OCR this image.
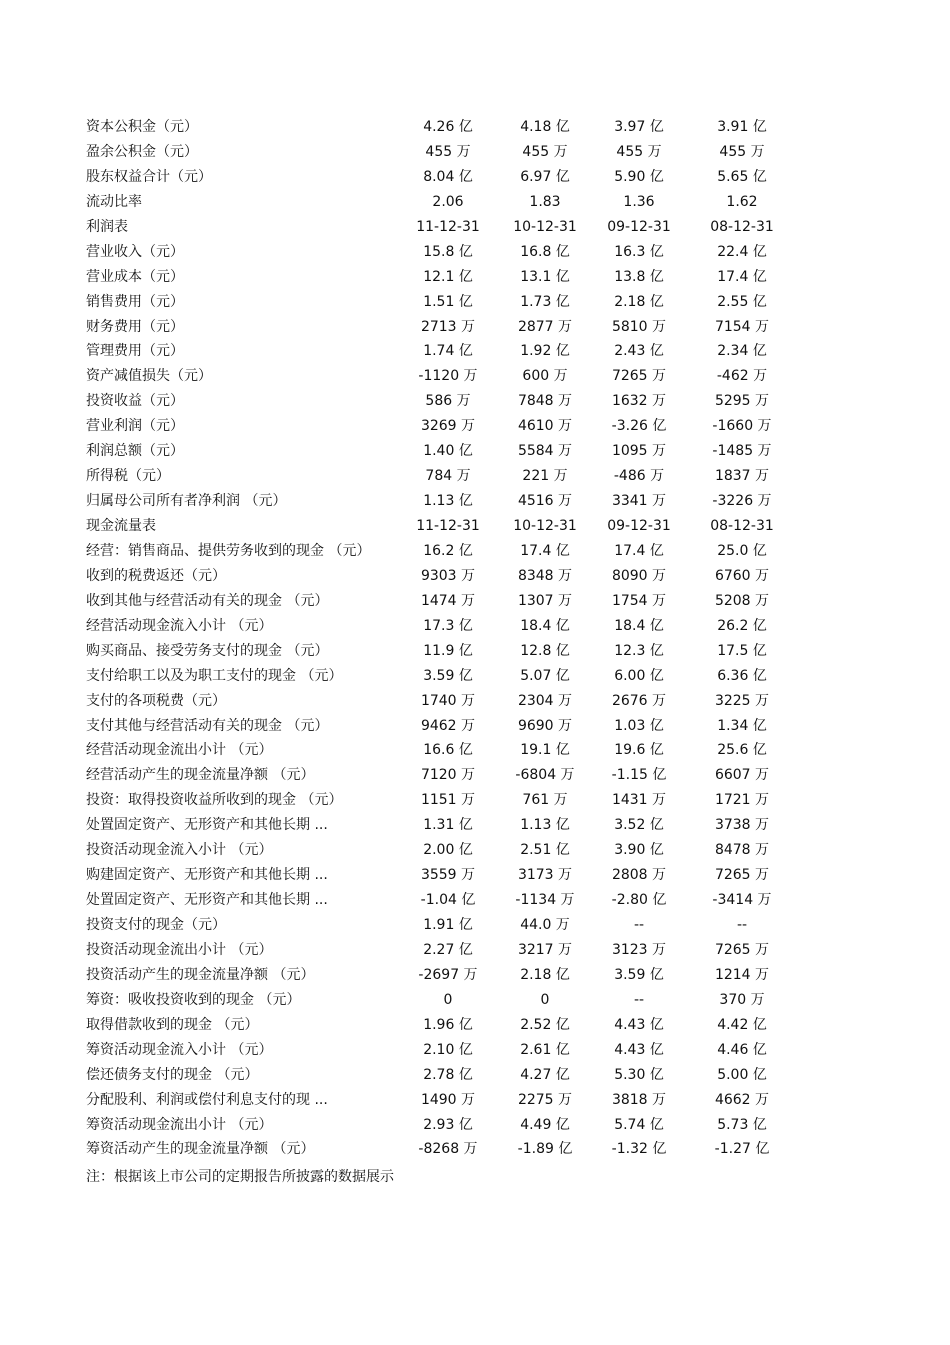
资本公积金（元）	4.26 亿	4.18 亿	3.97 亿	3.91 亿
盈余公积金（元）	455 万	455 万	455 万	455 万
股东权益合计（元）	8.04 亿	6.97 亿	5.90 亿	5.65 亿
流动比率	2.06	1.83	1.36	1.62
利润表	11-12-31	10-12-31	09-12-31	08-12-31
营业收入（元）	15.8 亿	16.8 亿	16.3 亿	22.4 亿
营业成本（元）	12.1 亿	13.1 亿	13.8 亿	17.4 亿
销售费用（元）	1.51 亿	1.73 亿	2.18 亿	2.55 亿
财务费用（元）	2713 万	2877 万	5810 万	7154 万
管理费用（元）	1.74 亿	1.92 亿	2.43 亿	2.34 亿
资产减值损失（元）	-1120 万	600 万	7265 万	-462 万
投资收益（元）	586 万	7848 万	1632 万	5295 万
营业利润（元）	3269 万	4610 万	-3.26 亿	-1660 万
利润总额（元）	1.40 亿	5584 万	1095 万	-1485 万
所得税（元）	784 万	221 万	-486 万	1837 万
归属母公司所有者净利润 （元）	1.13 亿	4516 万	3341 万	-3226 万
现金流量表	11-12-31	10-12-31	09-12-31	08-12-31
经营：销售商品、提供劳务收到的现金 （元）	16.2 亿	17.4 亿	17.4 亿	25.0 亿
收到的税费返还（元）	9303 万	8348 万	8090 万	6760 万
收到其他与经营活动有关的现金 （元）	1474 万	1307 万	1754 万	5208 万
经营活动现金流入小计 （元）	17.3 亿	18.4 亿	18.4 亿	26.2 亿
购买商品、接受劳务支付的现金 （元）	11.9 亿	12.8 亿	12.3 亿	17.5 亿
支付给职工以及为职工支付的现金 （元）	3.59 亿	5.07 亿	6.00 亿	6.36 亿
支付的各项税费（元）	1740 万	2304 万	2676 万	3225 万
支付其他与经营活动有关的现金 （元）	9462 万	9690 万	1.03 亿	1.34 亿
经营活动现金流出小计 （元）	16.6 亿	19.1 亿	19.6 亿	25.6 亿
经营活动产生的现金流量净额 （元）	7120 万	-6804 万	-1.15 亿	6607 万
投资：取得投资收益所收到的现金 （元）	1151 万	761 万	1431 万	1721 万
处置固定资产、无形资产和其他长期 ...	1.31 亿	1.13 亿	3.52 亿	3738 万
投资活动现金流入小计 （元）	2.00 亿	2.51 亿	3.90 亿	8478 万
购建固定资产、无形资产和其他长期 ...	3559 万	3173 万	2808 万	7265 万
处置固定资产、无形资产和其他长期 ...	-1.04 亿	-1134 万	-2.80 亿	-3414 万
投资支付的现金（元）	1.91 亿	44.0 万	--	--
投资活动现金流出小计 （元）	2.27 亿	3217 万	3123 万	7265 万
投资活动产生的现金流量净额 （元）	-2697 万	2.18 亿	3.59 亿	1214 万
筹资：吸收投资收到的现金 （元）	0	0	--	370 万
取得借款收到的现金 （元）	1.96 亿	2.52 亿	4.43 亿	4.42 亿
筹资活动现金流入小计 （元）	2.10 亿	2.61 亿	4.43 亿	4.46 亿
偿还债务支付的现金 （元）	2.78 亿	4.27 亿	5.30 亿	5.00 亿
分配股利、利润或偿付利息支付的现 ...	1490 万	2275 万	3818 万	4662 万
筹资活动现金流出小计 （元）	2.93 亿	4.49 亿	5.74 亿	5.73 亿
筹资活动产生的现金流量净额 （元）	-8268 万	-1.89 亿	-1.32 亿	-1.27 亿
注：根据该上市公司的定期报告所披露的数据展示
